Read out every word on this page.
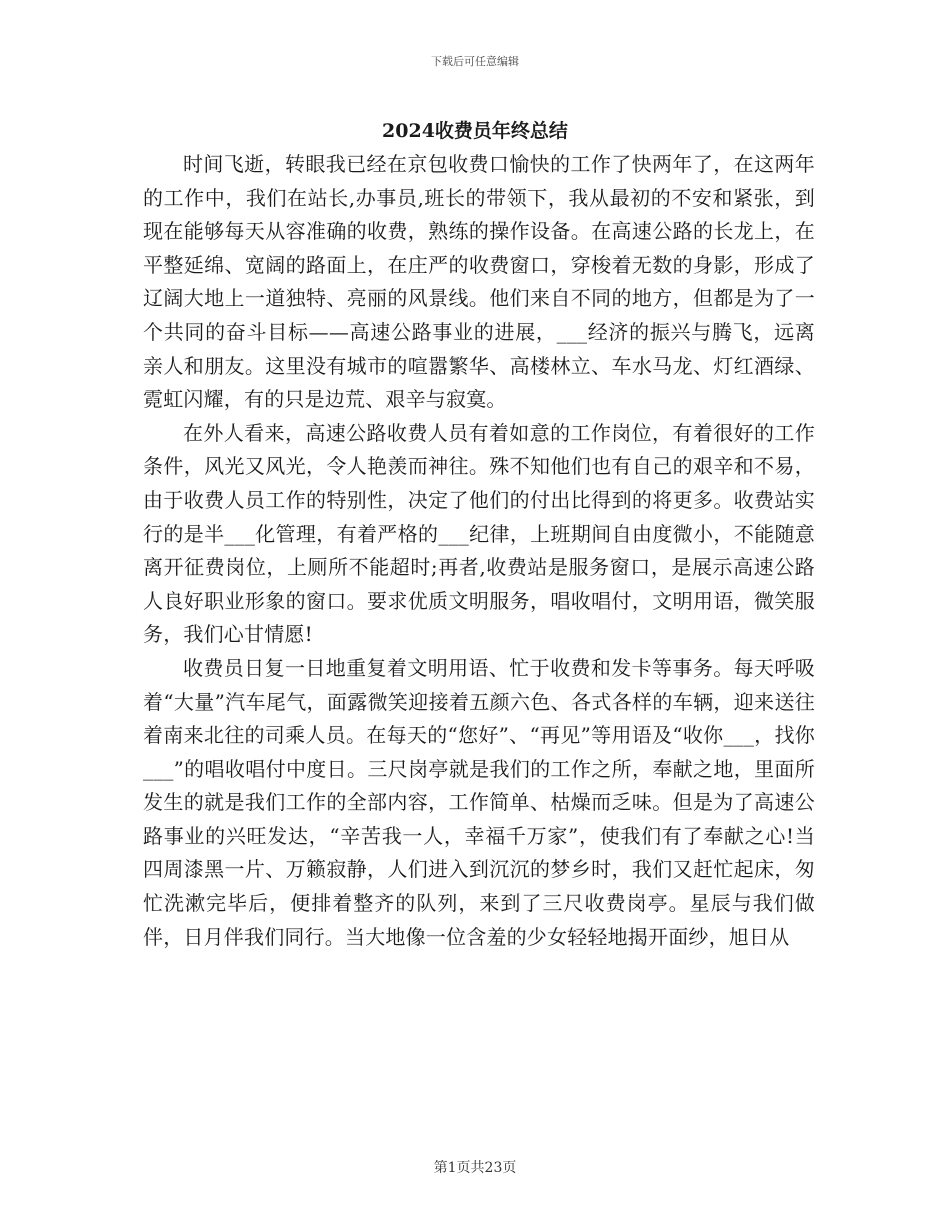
下载后可任意编辑
2024收费员年终总结

时间飞逝，转眼我已经在京包收费口愉快的工作了快两年了，在这两年的工作中，我们在站长,办事员,班长的带领下，我从最初的不安和紧张，到现在能够每天从容准确的收费，熟练的操作设备。在高速公路的长龙上，在平整延绵、宽阔的路面上，在庄严的收费窗口，穿梭着无数的身影，形成了辽阔大地上一道独特、亮丽的风景线。他们来自不同的地方，但都是为了一个共同的奋斗目标——高速公路事业的进展，___经济的振兴与腾飞，远离亲人和朋友。这里没有城市的喧嚣繁华、高楼林立、车水马龙、灯红酒绿、霓虹闪耀，有的只是边荒、艰辛与寂寞。

在外人看来，高速公路收费人员有着如意的工作岗位，有着很好的工作条件，风光又风光，令人艳羡而神往。殊不知他们也有自己的艰辛和不易，由于收费人员工作的特别性，决定了他们的付出比得到的将更多。收费站实行的是半___化管理，有着严格的___纪律，上班期间自由度微小，不能随意离开征费岗位，上厕所不能超时;再者,收费站是服务窗口，是展示高速公路人良好职业形象的窗口。要求优质文明服务，唱收唱付，文明用语，微笑服务，我们心甘情愿!

收费员日复一日地重复着文明用语、忙于收费和发卡等事务。每天呼吸着“大量”汽车尾气，面露微笑迎接着五颜六色、各式各样的车辆，迎来送往着南来北往的司乘人员。在每天的“您好”、“再见”等用语及“收你___，找你___”的唱收唱付中度日。三尺岗亭就是我们的工作之所，奉献之地，里面所发生的就是我们工作的全部内容，工作简单、枯燥而乏味。但是为了高速公路事业的兴旺发达，“辛苦我一人，幸福千万家”，使我们有了奉献之心!当四周漆黑一片、万籁寂静，人们进入到沉沉的梦乡时，我们又赶忙起床，匆忙洗漱完毕后，便排着整齐的队列，来到了三尺收费岗亭。星辰与我们做伴，日月伴我们同行。当大地像一位含羞的少女轻轻地揭开面纱，旭日从

第1页共23页
